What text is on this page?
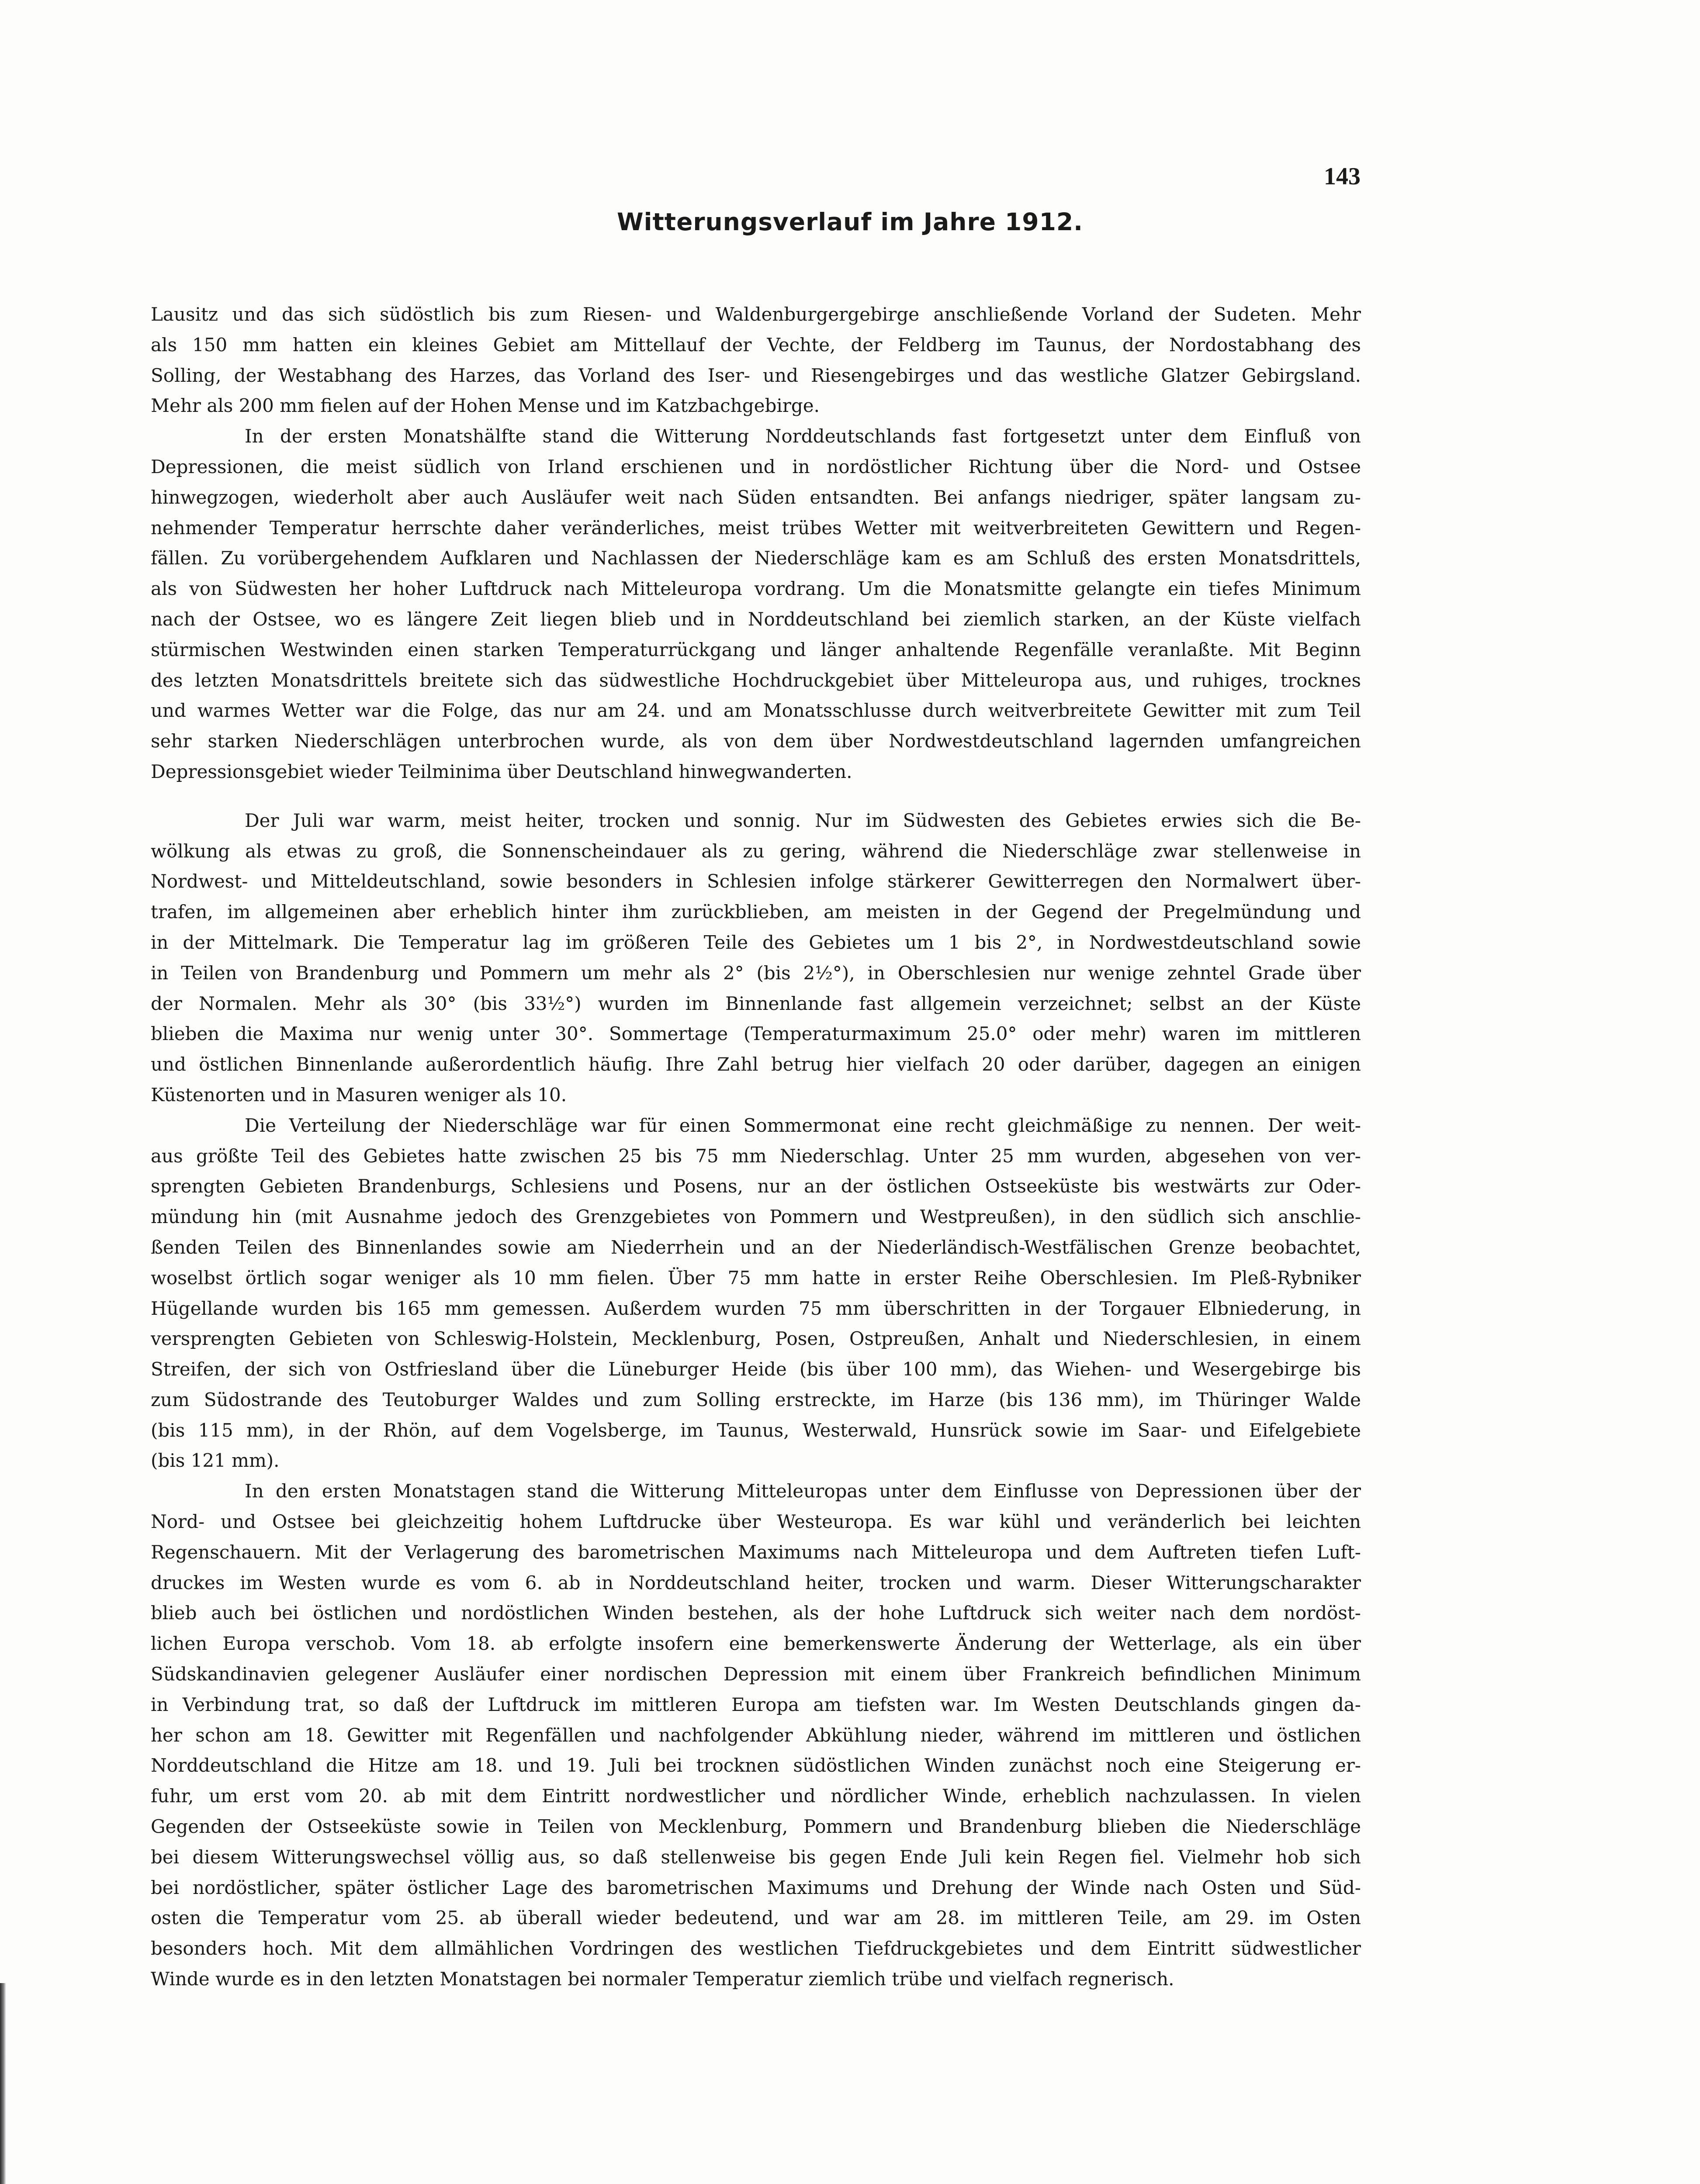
143

Witterungsverlauf im Jahre 1912.

Lausitz und das sich südöstlich bis zum Riesen- und Waldenburgergebirge anschließende Vorland der Sudeten. Mehr
als 150 mm hatten ein kleines Gebiet am Mittellauf der Vechte, der Feldberg im Taunus, der Nordostabhang des
Solling, der Westabhang des Harzes, das Vorland des Iser- und Riesengebirges und das westliche Glatzer Gebirgsland.
Mehr als 200 mm fielen auf der Hohen Mense und im Katzbachgebirge.

In der ersten Monatshälfte stand die Witterung Norddeutschlands fast fortgesetzt unter dem Einfluß von
Depressionen, die meist südlich von Irland erschienen und in nordöstlicher Richtung über die Nord- und Ostsee
hinwegzogen, wiederholt aber auch Ausläufer weit nach Süden entsandten. Bei anfangs niedriger, später langsam zu-
nehmender Temperatur herrschte daher veränderliches, meist trübes Wetter mit weitverbreiteten Gewittern und Regen-
fällen. Zu vorübergehendem Aufklaren und Nachlassen der Niederschläge kam es am Schluß des ersten Monatsdrittels,
als von Südwesten her hoher Luftdruck nach Mitteleuropa vordrang. Um die Monatsmitte gelangte ein tiefes Minimum
nach der Ostsee, wo es längere Zeit liegen blieb und in Norddeutschland bei ziemlich starken, an der Küste vielfach
stürmischen Westwinden einen starken Temperaturrückgang und länger anhaltende Regenfälle veranlaßte. Mit Beginn
des letzten Monatsdrittels breitete sich das südwestliche Hochdruckgebiet über Mitteleuropa aus, und ruhiges, trocknes
und warmes Wetter war die Folge, das nur am 24. und am Monatsschlusse durch weitverbreitete Gewitter mit zum Teil
sehr starken Niederschlägen unterbrochen wurde, als von dem über Nordwestdeutschland lagernden umfangreichen
Depressionsgebiet wieder Teilminima über Deutschland hinwegwanderten.

Der Juli war warm, meist heiter, trocken und sonnig. Nur im Südwesten des Gebietes erwies sich die Be-
wölkung als etwas zu groß, die Sonnenscheindauer als zu gering, während die Niederschläge zwar stellenweise in
Nordwest- und Mitteldeutschland, sowie besonders in Schlesien infolge stärkerer Gewitterregen den Normalwert über-
trafen, im allgemeinen aber erheblich hinter ihm zurückblieben, am meisten in der Gegend der Pregelmündung und
in der Mittelmark. Die Temperatur lag im größeren Teile des Gebietes um 1 bis 2°, in Nordwestdeutschland sowie
in Teilen von Brandenburg und Pommern um mehr als 2° (bis 2½°), in Oberschlesien nur wenige zehntel Grade über
der Normalen. Mehr als 30° (bis 33½°) wurden im Binnenlande fast allgemein verzeichnet; selbst an der Küste
blieben die Maxima nur wenig unter 30°. Sommertage (Temperaturmaximum 25.0° oder mehr) waren im mittleren
und östlichen Binnenlande außerordentlich häufig. Ihre Zahl betrug hier vielfach 20 oder darüber, dagegen an einigen
Küstenorten und in Masuren weniger als 10.

Die Verteilung der Niederschläge war für einen Sommermonat eine recht gleichmäßige zu nennen. Der weit-
aus größte Teil des Gebietes hatte zwischen 25 bis 75 mm Niederschlag. Unter 25 mm wurden, abgesehen von ver-
sprengten Gebieten Brandenburgs, Schlesiens und Posens, nur an der östlichen Ostseeküste bis westwärts zur Oder-
mündung hin (mit Ausnahme jedoch des Grenzgebietes von Pommern und Westpreußen), in den südlich sich anschlie-
ßenden Teilen des Binnenlandes sowie am Niederrhein und an der Niederländisch-Westfälischen Grenze beobachtet,
woselbst örtlich sogar weniger als 10 mm fielen. Über 75 mm hatte in erster Reihe Oberschlesien. Im Pleß-Rybniker
Hügellande wurden bis 165 mm gemessen. Außerdem wurden 75 mm überschritten in der Torgauer Elbniederung, in
versprengten Gebieten von Schleswig-Holstein, Mecklenburg, Posen, Ostpreußen, Anhalt und Niederschlesien, in einem
Streifen, der sich von Ostfriesland über die Lüneburger Heide (bis über 100 mm), das Wiehen- und Wesergebirge bis
zum Südostrande des Teutoburger Waldes und zum Solling erstreckte, im Harze (bis 136 mm), im Thüringer Walde
(bis 115 mm), in der Rhön, auf dem Vogelsberge, im Taunus, Westerwald, Hunsrück sowie im Saar- und Eifelgebiete
(bis 121 mm).

In den ersten Monatstagen stand die Witterung Mitteleuropas unter dem Einflusse von Depressionen über der
Nord- und Ostsee bei gleichzeitig hohem Luftdrucke über Westeuropa. Es war kühl und veränderlich bei leichten
Regenschauern. Mit der Verlagerung des barometrischen Maximums nach Mitteleuropa und dem Auftreten tiefen Luft-
druckes im Westen wurde es vom 6. ab in Norddeutschland heiter, trocken und warm. Dieser Witterungscharakter
blieb auch bei östlichen und nordöstlichen Winden bestehen, als der hohe Luftdruck sich weiter nach dem nordöst-
lichen Europa verschob. Vom 18. ab erfolgte insofern eine bemerkenswerte Änderung der Wetterlage, als ein über
Südskandinavien gelegener Ausläufer einer nordischen Depression mit einem über Frankreich befindlichen Minimum
in Verbindung trat, so daß der Luftdruck im mittleren Europa am tiefsten war. Im Westen Deutschlands gingen da-
her schon am 18. Gewitter mit Regenfällen und nachfolgender Abkühlung nieder, während im mittleren und östlichen
Norddeutschland die Hitze am 18. und 19. Juli bei trocknen südöstlichen Winden zunächst noch eine Steigerung er-
fuhr, um erst vom 20. ab mit dem Eintritt nordwestlicher und nördlicher Winde, erheblich nachzulassen. In vielen
Gegenden der Ostseeküste sowie in Teilen von Mecklenburg, Pommern und Brandenburg blieben die Niederschläge
bei diesem Witterungswechsel völlig aus, so daß stellenweise bis gegen Ende Juli kein Regen fiel. Vielmehr hob sich
bei nordöstlicher, später östlicher Lage des barometrischen Maximums und Drehung der Winde nach Osten und Süd-
osten die Temperatur vom 25. ab überall wieder bedeutend, und war am 28. im mittleren Teile, am 29. im Osten
besonders hoch. Mit dem allmählichen Vordringen des westlichen Tiefdruckgebietes und dem Eintritt südwestlicher
Winde wurde es in den letzten Monatstagen bei normaler Temperatur ziemlich trübe und vielfach regnerisch.
